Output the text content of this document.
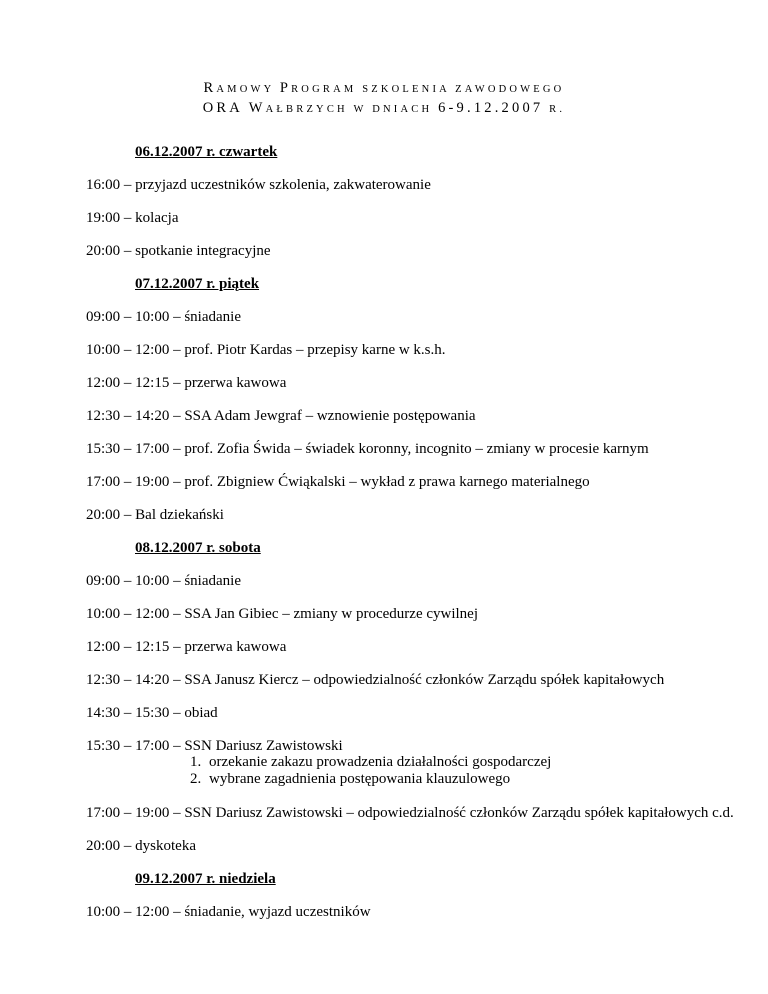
RAMOWY PROGRAM SZKOLENIA ZAWODOWEGO
ORA WAŁBRZYCH W DNIACH 6-9.12.2007 R.
06.12.2007 r. czwartek
16:00 – przyjazd uczestników szkolenia, zakwaterowanie
19:00 – kolacja
20:00 – spotkanie integracyjne
07.12.2007 r. piątek
09:00 – 10:00 – śniadanie
10:00 – 12:00 – prof. Piotr Kardas – przepisy karne w k.s.h.
12:00 – 12:15 – przerwa kawowa
12:30 – 14:20 – SSA Adam Jewgraf – wznowienie postępowania
15:30 – 17:00 – prof. Zofia Świda – świadek koronny, incognito – zmiany w procesie karnym
17:00 – 19:00 – prof. Zbigniew Ćwiąkalski – wykład z prawa karnego materialnego
20:00 – Bal dziekański
08.12.2007 r. sobota
09:00 – 10:00 – śniadanie
10:00 – 12:00 – SSA Jan Gibiec – zmiany w procedurze cywilnej
12:00 – 12:15 – przerwa kawowa
12:30 – 14:20 – SSA Janusz Kiercz – odpowiedzialność członków Zarządu spółek kapitałowych
14:30 – 15:30 – obiad
15:30 – 17:00 – SSN Dariusz Zawistowski
1. orzekanie zakazu prowadzenia działalności gospodarczej
2. wybrane zagadnienia postępowania klauzulowego
17:00 – 19:00 – SSN Dariusz Zawistowski – odpowiedzialność członków Zarządu spółek kapitałowych c.d.
20:00 – dyskoteka
09.12.2007 r. niedziela
10:00 – 12:00 – śniadanie, wyjazd uczestników
